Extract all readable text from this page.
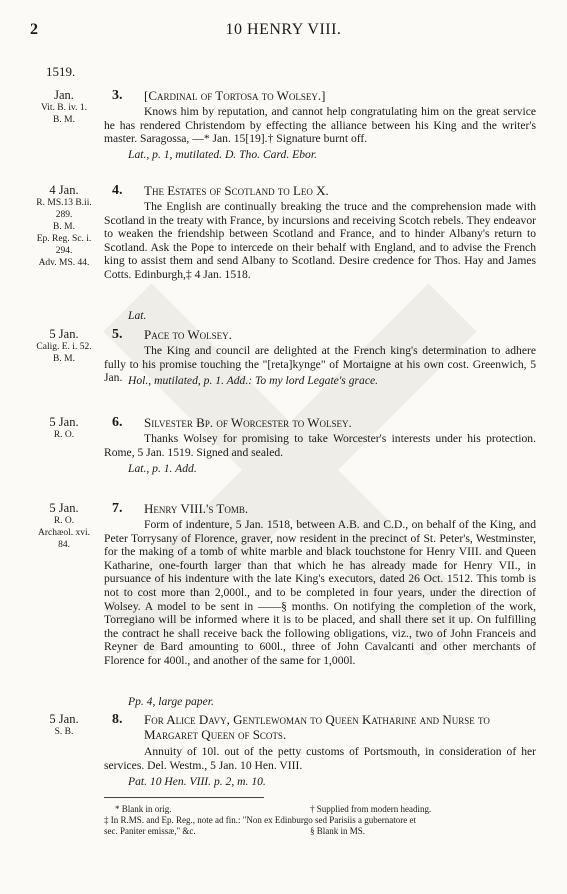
10 HENRY VIII.
2
1519.
Jan.
Vit. B. iv. 1.
B. M.
3. [Cardinal of Tortosa to Wolsey.]
Knows him by reputation, and cannot help congratulating him on the great service he has rendered Christendom by effecting the alliance between his King and the writer's master. Saragossa, —* Jan. 15[19].† Signature burnt off.
Lat., p. 1, mutilated. D. Tho. Card. Ebor.
4 Jan.
R. MS.13 B.ii.
289.
B. M.
Ep. Reg. Sc. i.
294.
Adv. MS. 44.
4. The Estates of Scotland to Leo X.
The English are continually breaking the truce and the comprehension made with Scotland in the treaty with France, by incursions and receiving Scotch rebels. They endeavor to weaken the friendship between Scotland and France, and to hinder Albany's return to Scotland. Ask the Pope to intercede on their behalf with England, and to advise the French king to assist them and send Albany to Scotland. Desire credence for Thos. Hay and James Cotts. Edinburgh,‡ 4 Jan. 1518.
Lat.
5 Jan.
Calig. E. i. 52.
B. M.
5. Pace to Wolsey.
The King and council are delighted at the French king's determination to adhere fully to his promise touching the "[reta]kynge" of Mortaigne at his own cost. Greenwich, 5 Jan. Hol., mutilated, p. 1. Add.: To my lord Legate's grace.
5 Jan.
R. O.
6. Silvester Bp. of Worcester to Wolsey.
Thanks Wolsey for promising to take Worcester's interests under his protection. Rome, 5 Jan. 1519. Signed and sealed.
Lat., p. 1. Add.
5 Jan.
R. O.
Archæol. xvi.
84.
7. Henry VIII.'s Tomb.
Form of indenture, 5 Jan. 1518, between A.B. and C.D., on behalf of the King, and Peter Torrysany of Florence, graver, now resident in the precinct of St. Peter's, Westminster, for the making of a tomb of white marble and black touchstone for Henry VIII. and Queen Katharine, one-fourth larger than that which he has already made for Henry VII., in pursuance of his indenture with the late King's executors, dated 26 Oct. 1512. This tomb is not to cost more than 2,000l., and to be completed in four years, under the direction of Wolsey. A model to be sent in ——§ months. On notifying the completion of the work, Torregiano will be informed where it is to be placed, and shall there set it up. On fulfilling the contract he shall receive back the following obligations, viz., two of John Franceis and Reyner de Bard amounting to 600l., three of John Cavalcanti and other merchants of Florence for 400l., and another of the same for 1,000l.
Pp. 4, large paper.
5 Jan.
S. B.
8. For Alice Davy, Gentlewoman to Queen Katharine and Nurse to Margaret Queen of Scots.
Annuity of 10l. out of the petty customs of Portsmouth, in consideration of her services. Del. Westm., 5 Jan. 10 Hen. VIII.
Pat. 10 Hen. VIII. p. 2, m. 10.
* Blank in orig.	† Supplied from modern heading.
‡ In R.MS. and Ep. Reg., note ad fin.: "Non ex Edinburgo sed Parisiis a gubernatore et
sec. Paniter emissæ," &c.	§ Blank in MS.
